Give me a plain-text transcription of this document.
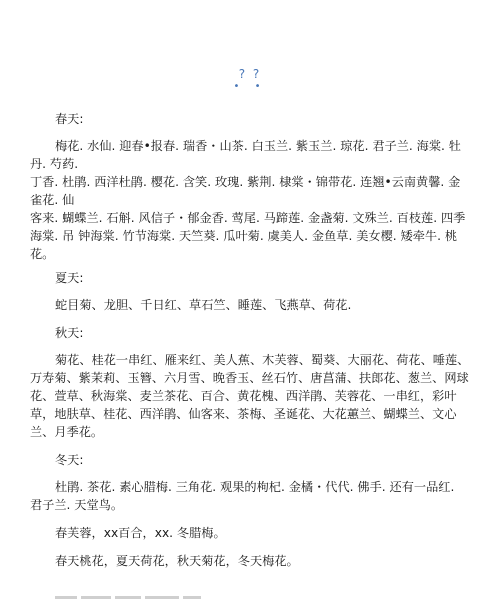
? ?
• •

春天:

梅花. 水仙. 迎春•报春. 瑞香・山茶. 白玉兰. 紫玉兰. 琼花. 君子兰. 海棠. 牡丹. 芍药.

丁香. 杜鹃. 西洋杜鹃. 樱花. 含笑. 玫瑰. 紫荆. 棣棠・锦带花. 连翘•云南黄馨. 金雀花. 仙

客来. 蝴蝶兰. 石斛. 风信子・郁金香. 莺尾. 马蹄莲. 金盏菊. 文殊兰. 百枝莲. 四季海棠. 吊 钟海棠. 竹节海棠. 天竺葵. 瓜叶菊. 虞美人. 金鱼草. 美女樱. 矮牵牛. 桃花。

夏天:

蛇目菊、龙胆、千日红、草石竺、睡莲、飞燕草、荷花.

秋天:

菊花、桂花一串红、雁来红、美人蕉、木芙蓉、蜀葵、大丽花、荷花、唾莲、万寿菊、紫茉莉、玉簪、六月雪、晚香玉、丝石竹、唐菖蒲、扶郎花、葱兰、网球花、萱草、秋海棠、麦兰茶花、百合、黄花槐、西洋鹃、芙蓉花、一串红，彩叶草，地肤草、桂花、西洋鹃、仙客来、茶梅、圣诞花、大花蕙兰、蝴蝶兰、文心兰、月季花。

冬天:

杜鹃. 茶花. 素心腊梅. 三角花. 观果的枸杞. 金橘・代代. 佛手. 还有一品红. 君子兰. 天堂鸟。

春芙蓉，xx百合，xx. 冬腊梅。

春天桃花，夏天荷花，秋天菊花，冬天梅花。
